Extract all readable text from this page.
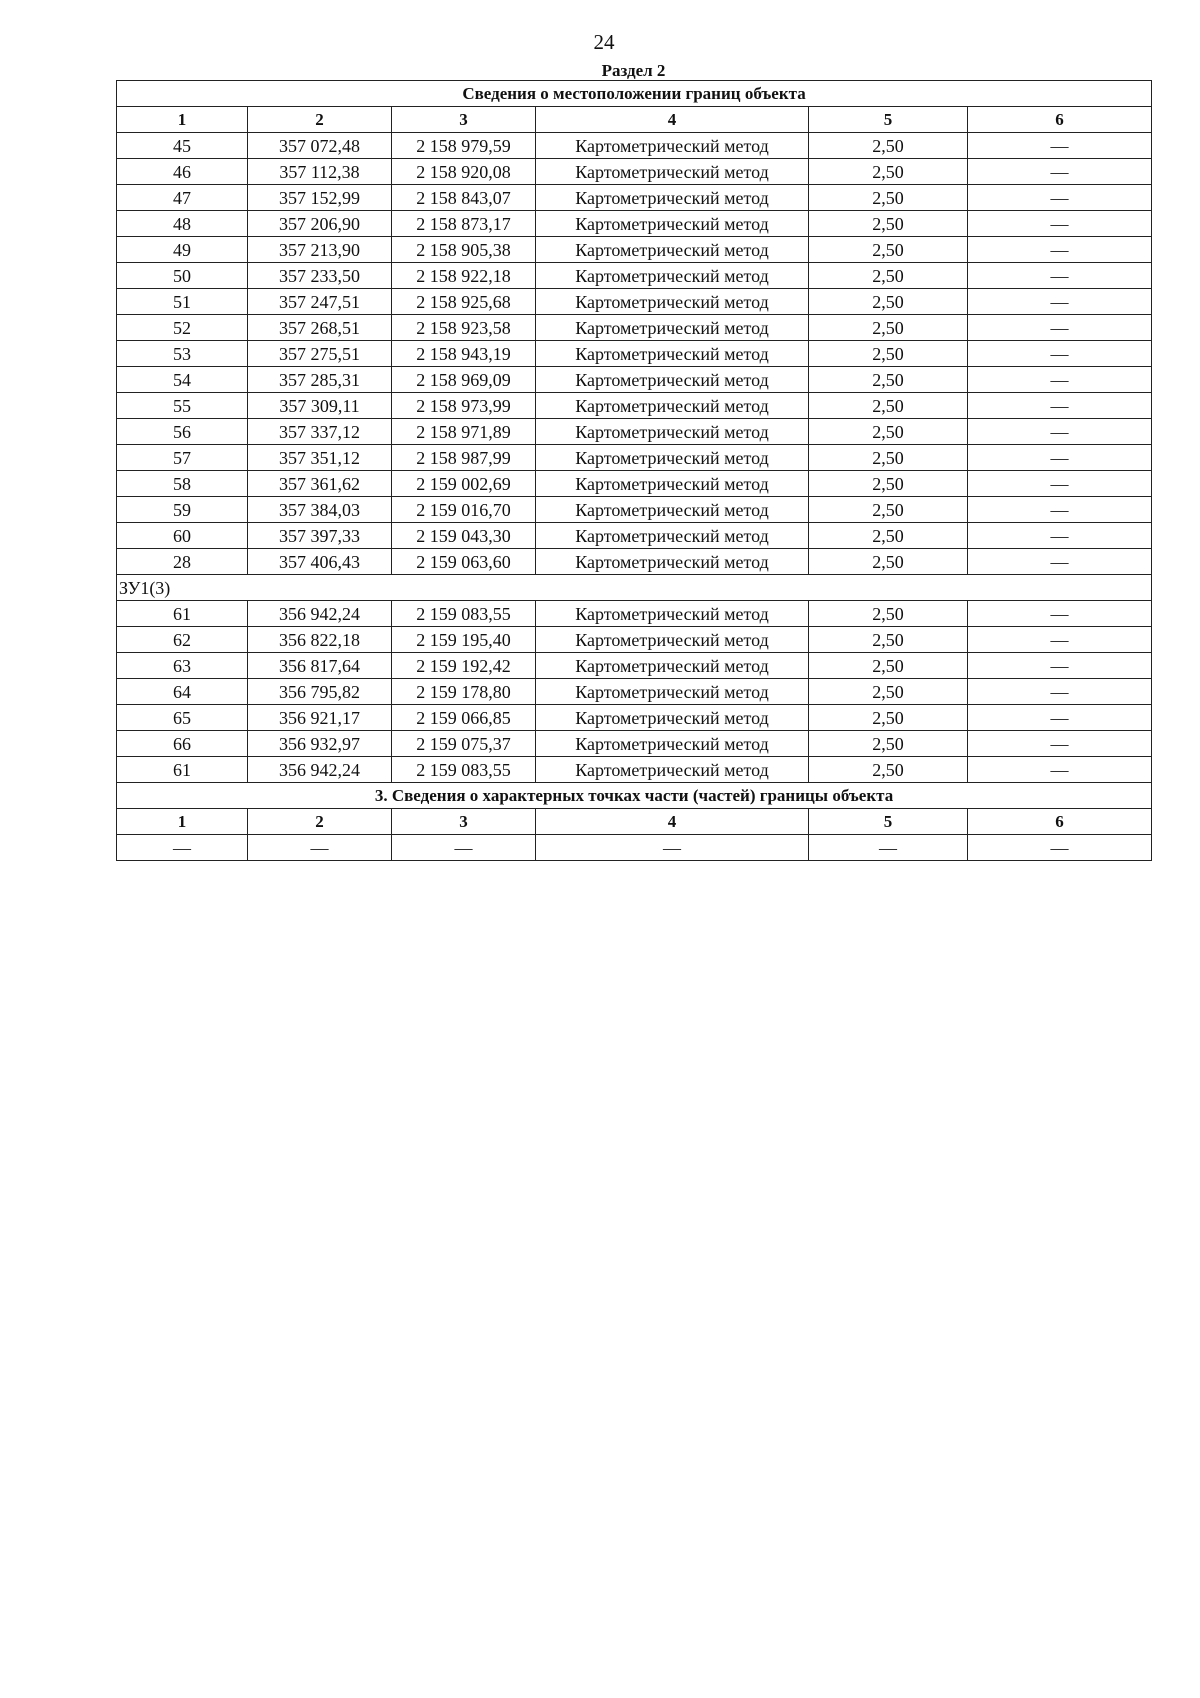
24
Раздел 2
Сведения о местоположении границ объекта					
1	2	3	4	5	6
45	357 072,48	2 158 979,59	Картометрический метод	2,50	—
46	357 112,38	2 158 920,08	Картометрический метод	2,50	—
47	357 152,99	2 158 843,07	Картометрический метод	2,50	—
48	357 206,90	2 158 873,17	Картометрический метод	2,50	—
49	357 213,90	2 158 905,38	Картометрический метод	2,50	—
50	357 233,50	2 158 922,18	Картометрический метод	2,50	—
51	357 247,51	2 158 925,68	Картометрический метод	2,50	—
52	357 268,51	2 158 923,58	Картометрический метод	2,50	—
53	357 275,51	2 158 943,19	Картометрический метод	2,50	—
54	357 285,31	2 158 969,09	Картометрический метод	2,50	—
55	357 309,11	2 158 973,99	Картометрический метод	2,50	—
56	357 337,12	2 158 971,89	Картометрический метод	2,50	—
57	357 351,12	2 158 987,99	Картометрический метод	2,50	—
58	357 361,62	2 159 002,69	Картометрический метод	2,50	—
59	357 384,03	2 159 016,70	Картометрический метод	2,50	—
60	357 397,33	2 159 043,30	Картометрический метод	2,50	—
28	357 406,43	2 159 063,60	Картометрический метод	2,50	—
ЗУ1(3)					
61	356 942,24	2 159 083,55	Картометрический метод	2,50	—
62	356 822,18	2 159 195,40	Картометрический метод	2,50	—
63	356 817,64	2 159 192,42	Картометрический метод	2,50	—
64	356 795,82	2 159 178,80	Картометрический метод	2,50	—
65	356 921,17	2 159 066,85	Картометрический метод	2,50	—
66	356 932,97	2 159 075,37	Картометрический метод	2,50	—
61	356 942,24	2 159 083,55	Картометрический метод	2,50	—
3. Сведения о характерных точках части (частей) границы объекта					
1	2	3	4	5	6
—	—	—	—	—	—
